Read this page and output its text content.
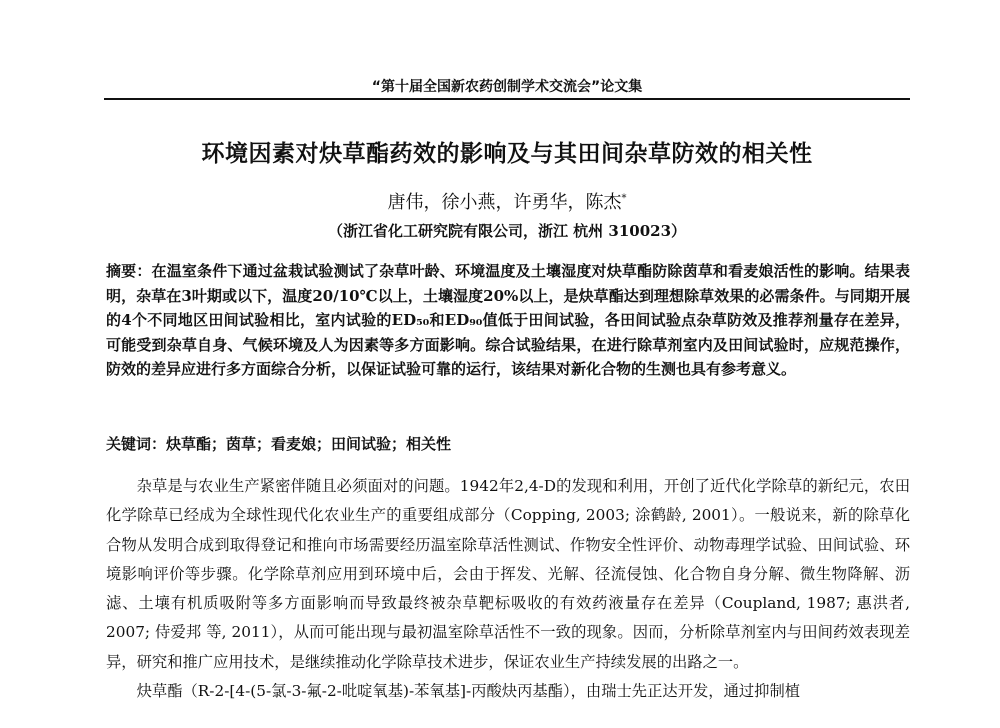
“第十届全国新农药创制学术交流会”论文集
环境因素对炔草酯药效的影响及与其田间杂草防效的相关性
唐伟，徐小燕，许勇华，陈杰*
（浙江省化工研究院有限公司，浙江 杭州 310023）
摘要：在温室条件下通过盆栽试验测试了杂草叶龄、环境温度及土壤湿度对炔草酯防除茵草和看麦娘活性的影响。结果表明，杂草在3叶期或以下，温度20/10℃以上，土壤湿度20%以上，是炔草酯达到理想除草效果的必需条件。与同期开展的4个不同地区田间试验相比，室内试验的ED₅₀和ED₉₀值低于田间试验，各田间试验点杂草防效及推荐剂量存在差异，可能受到杂草自身、气候环境及人为因素等多方面影响。综合试验结果，在进行除草剂室内及田间试验时，应规范操作，防效的差异应进行多方面综合分析，以保证试验可靠的运行，该结果对新化合物的生测也具有参考意义。
关键词：炔草酯；茵草；看麦娘；田间试验；相关性

杂草是与农业生产紧密伴随且必须面对的问题。1942年2,4-D的发现和利用，开创了近代化学除草的新纪元，农田化学除草已经成为全球性现代化农业生产的重要组成部分（Copping, 2003; 涂鹤龄, 2001）。一般说来，新的除草化合物从发明合成到取得登记和推向市场需要经历温室除草活性测试、作物安全性评价、动物毒理学试验、田间试验、环境影响评价等步骤。化学除草剂应用到环境中后，会由于挥发、光解、径流侵蚀、化合物自身分解、微生物降解、沥滤、土壤有机质吸附等多方面影响而导致最终被杂草靶标吸收的有效药液量存在差异（Coupland, 1987; 惠洪者, 2007; 侍爱邦 等, 2011），从而可能出现与最初温室除草活性不一致的现象。因而，分析除草剂室内与田间药效表现差异，研究和推广应用技术，是继续推动化学除草技术进步，保证农业生产持续发展的出路之一。

炔草酯（R-2-[4-(5-氯-3-氟-2-吡啶氧基)-苯氧基]-丙酸炔丙基酯），由瑞士先正达开发，通过抑制植
